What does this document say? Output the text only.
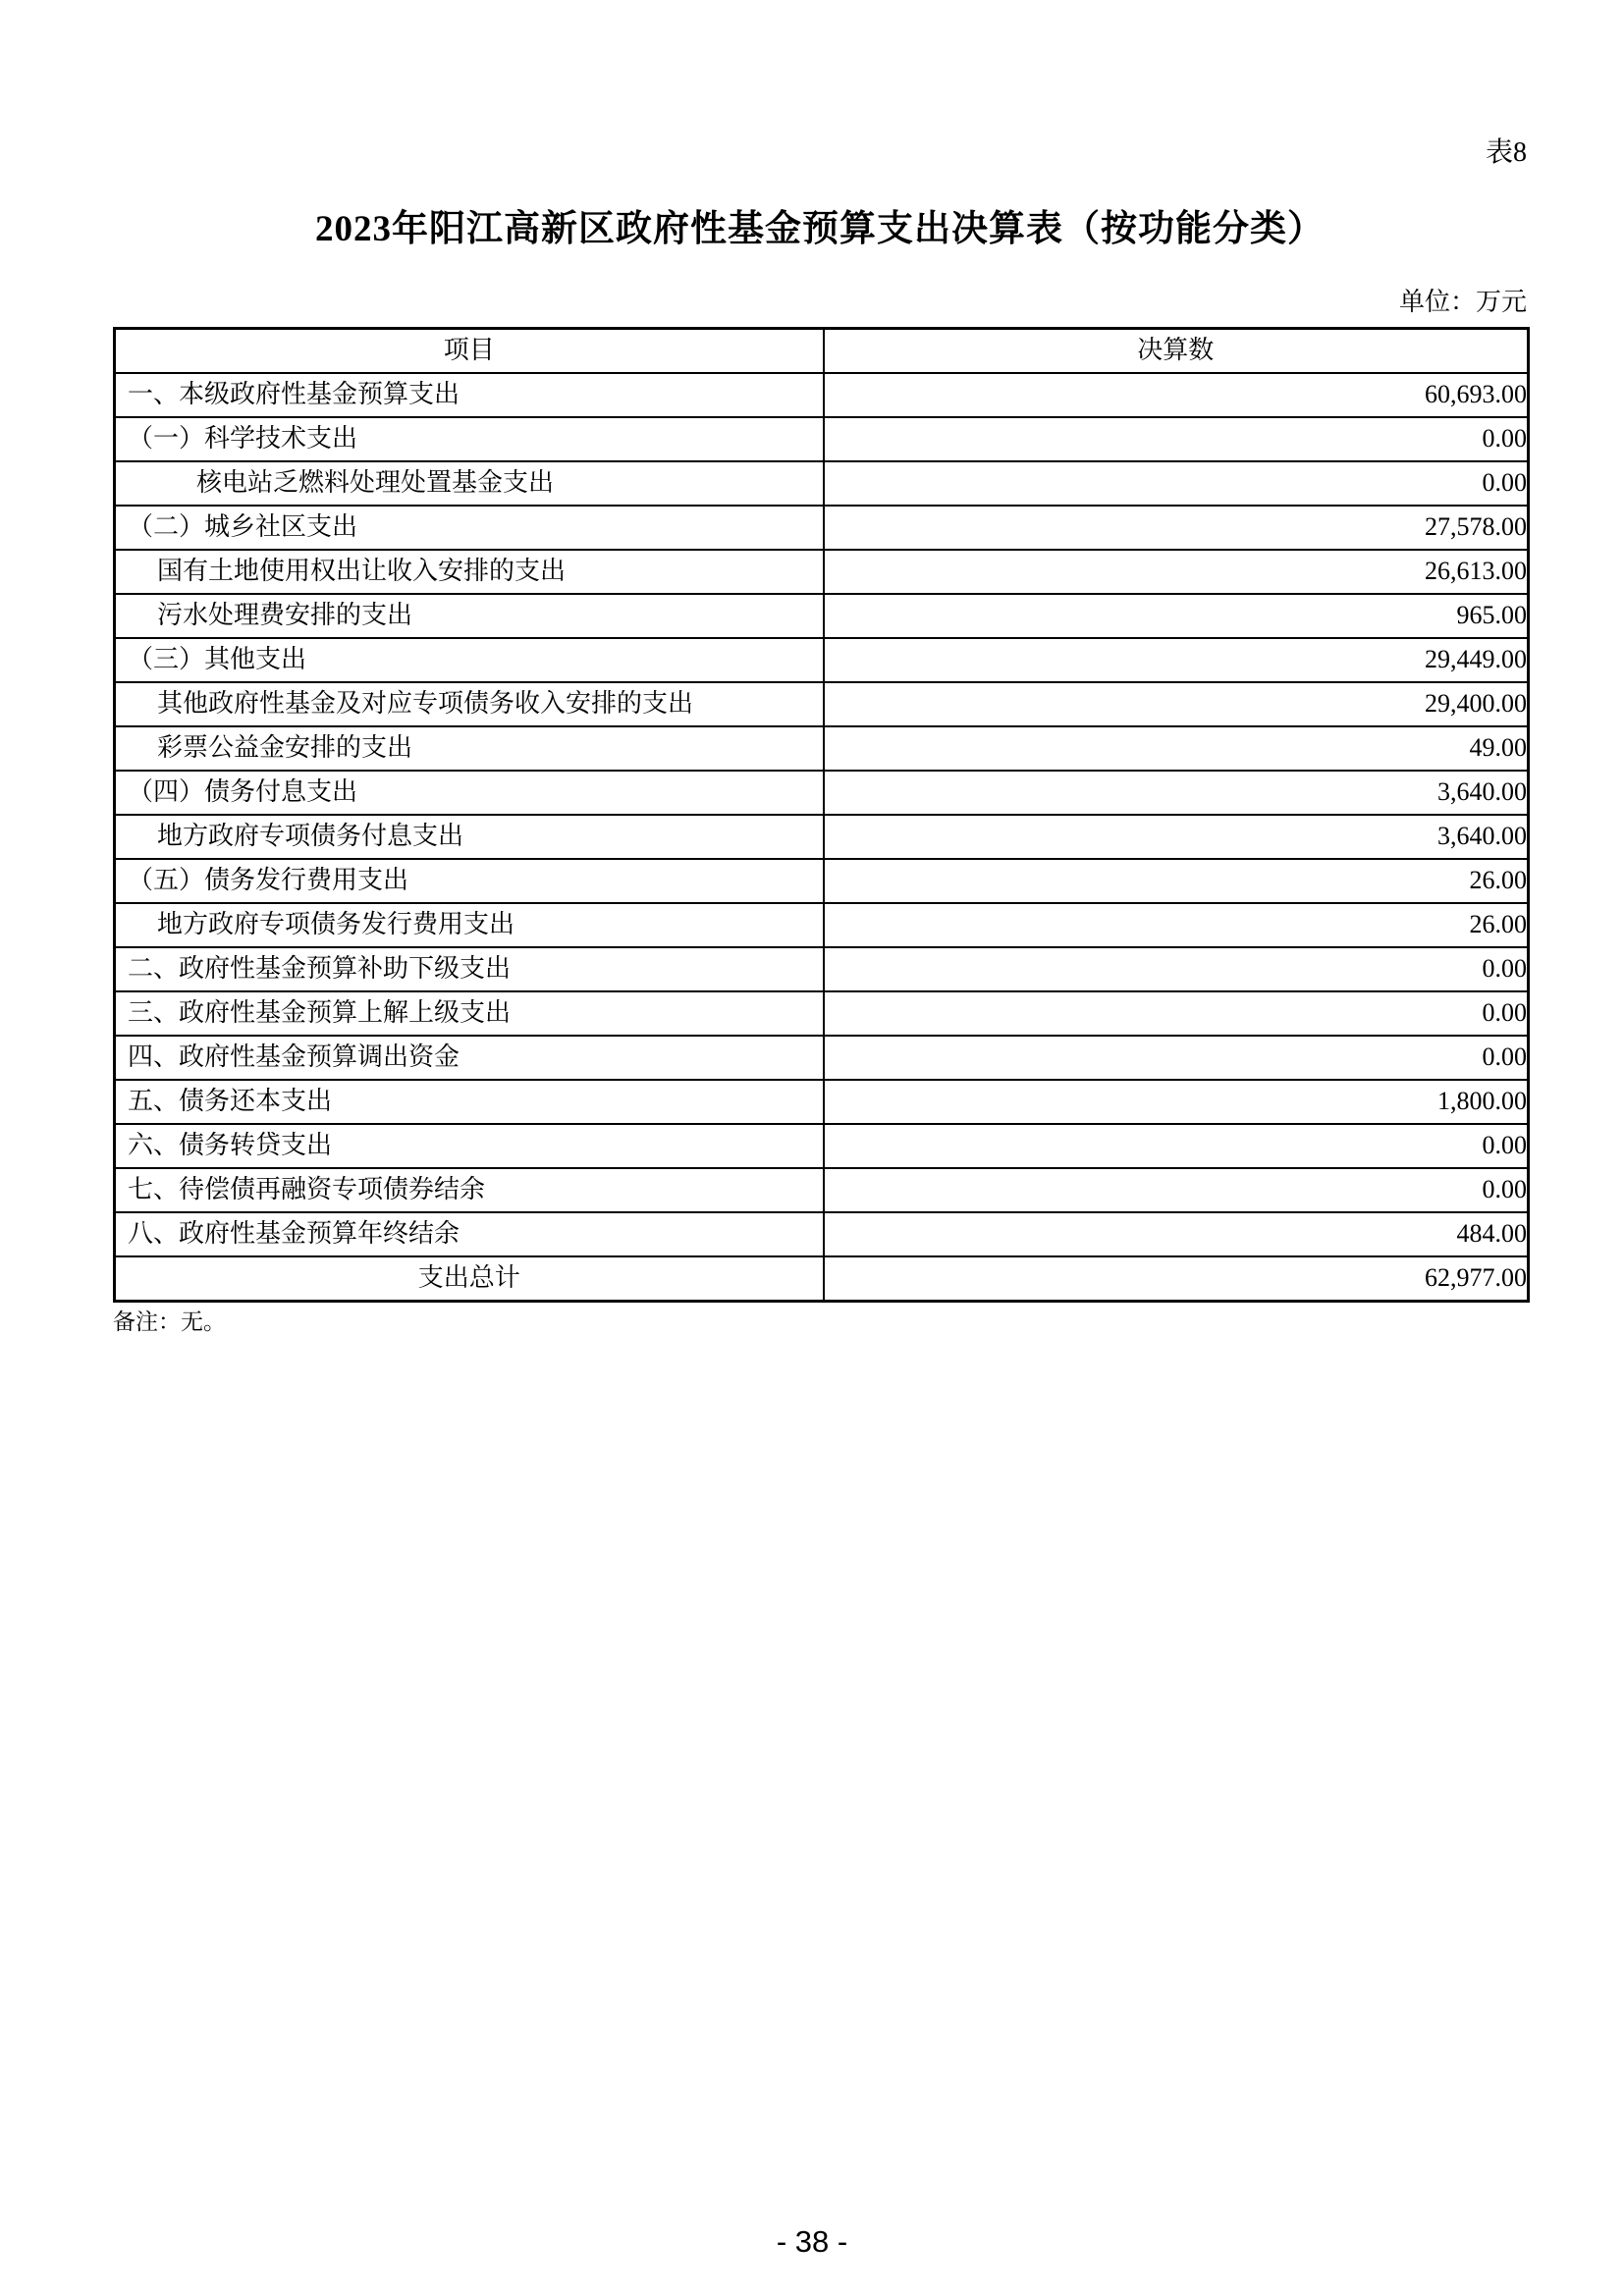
表8
2023年阳江高新区政府性基金预算支出决算表（按功能分类）
单位：万元
项目	决算数
一、本级政府性基金预算支出	60,693.00
（一）科学技术支出	0.00
核电站乏燃料处理处置基金支出	0.00
（二）城乡社区支出	27,578.00
国有土地使用权出让收入安排的支出	26,613.00
污水处理费安排的支出	965.00
（三）其他支出	29,449.00
其他政府性基金及对应专项债务收入安排的支出	29,400.00
彩票公益金安排的支出	49.00
（四）债务付息支出	3,640.00
地方政府专项债务付息支出	3,640.00
（五）债务发行费用支出	26.00
地方政府专项债务发行费用支出	26.00
二、政府性基金预算补助下级支出	0.00
三、政府性基金预算上解上级支出	0.00
四、政府性基金预算调出资金	0.00
五、债务还本支出	1,800.00
六、债务转贷支出	0.00
七、待偿债再融资专项债券结余	0.00
八、政府性基金预算年终结余	484.00
支出总计	62,977.00
备注：无。
- 38 -
